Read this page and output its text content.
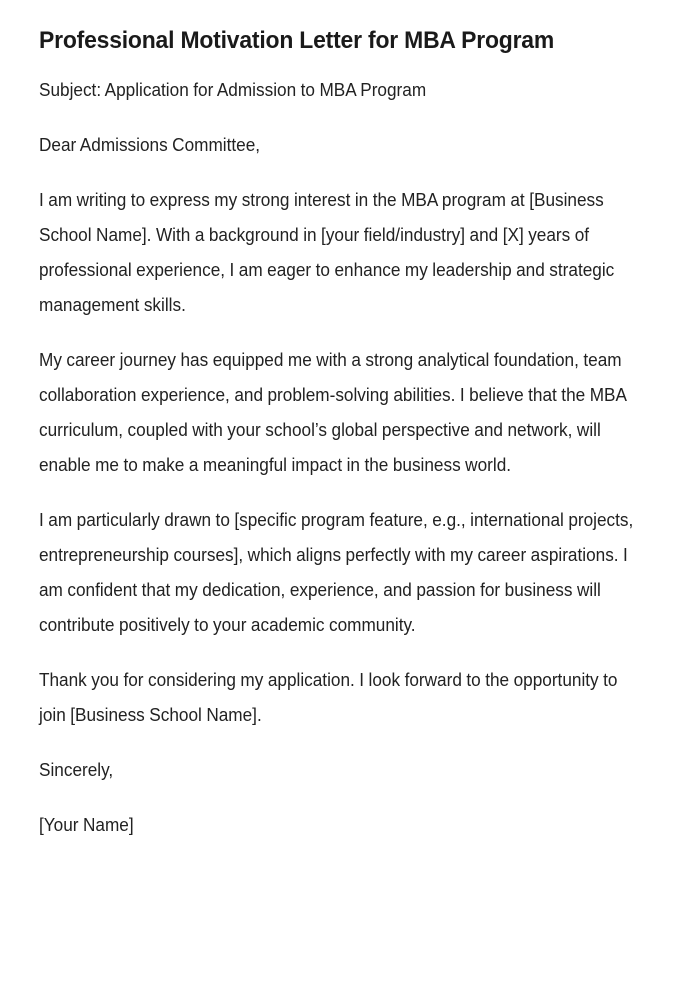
Professional Motivation Letter for MBA Program

Subject: Application for Admission to MBA Program

Dear Admissions Committee,

I am writing to express my strong interest in the MBA program at [Business School Name]. With a background in [your field/industry] and [X] years of professional experience, I am eager to enhance my leadership and strategic management skills.

My career journey has equipped me with a strong analytical foundation, team collaboration experience, and problem-solving abilities. I believe that the MBA curriculum, coupled with your school’s global perspective and network, will enable me to make a meaningful impact in the business world.

I am particularly drawn to [specific program feature, e.g., international projects, entrepreneurship courses], which aligns perfectly with my career aspirations. I am confident that my dedication, experience, and passion for business will contribute positively to your academic community.

Thank you for considering my application. I look forward to the opportunity to join [Business School Name].

Sincerely,

[Your Name]
